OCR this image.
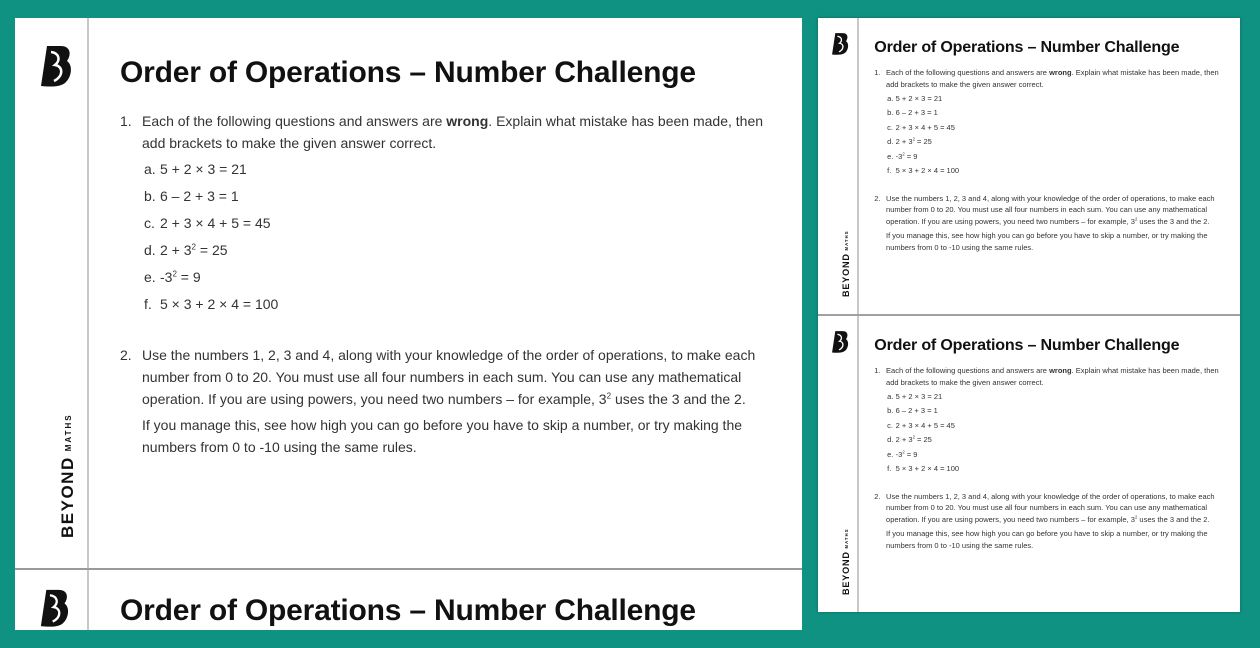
BEYONDMATHS
Order of Operations – Number Challenge
1. Each of the following questions and answers are wrong. Explain what mistake has been made, then add brackets to make the given answer correct.

a. 5 + 2 × 3 = 21
b. 6 – 2 + 3 = 1
c. 2 + 3 × 4 + 5 = 45
d. $2 + 3^2 = 25$
e. $-3^2 = 9$
f. 5 × 3 + 2 × 4 = 100
2. Use the numbers 1, 2, 3 and 4, along with your knowledge of the order of operations, to make each number from 0 to 20. You must use all four numbers in each sum. You can use any mathematical operation. If you are using powers, you need two numbers – for example, $3^2$ uses the 3 and the 2.

If you manage this, see how high you can go before you have to skip a number, or try making the numbers from 0 to -10 using the same rules.

Order of Operations – Number Challenge
BEYONDMATHS
Order of Operations – Number Challenge
1. Each of the following questions and answers are wrong. Explain what mistake has been made, then add brackets to make the given answer correct.

a. 5 + 2 × 3 = 21
b. 6 – 2 + 3 = 1
c. 2 + 3 × 4 + 5 = 45
d. $2 + 3^2 = 25$
e. $-3^2 = 9$
f. 5 × 3 + 2 × 4 = 100
2. Use the numbers 1, 2, 3 and 4, along with your knowledge of the order of operations, to make each number from 0 to 20. You must use all four numbers in each sum. You can use any mathematical operation. If you are using powers, you need two numbers – for example, $3^2$ uses the 3 and the 2.

If you manage this, see how high you can go before you have to skip a number, or try making the numbers from 0 to -10 using the same rules.

BEYONDMATHS
Order of Operations – Number Challenge
1. Each of the following questions and answers are wrong. Explain what mistake has been made, then add brackets to make the given answer correct.

a. 5 + 2 × 3 = 21
b. 6 – 2 + 3 = 1
c. 2 + 3 × 4 + 5 = 45
d. $2 + 3^2 = 25$
e. $-3^2 = 9$
f. 5 × 3 + 2 × 4 = 100
2. Use the numbers 1, 2, 3 and 4, along with your knowledge of the order of operations, to make each number from 0 to 20. You must use all four numbers in each sum. You can use any mathematical operation. If you are using powers, you need two numbers – for example, $3^2$ uses the 3 and the 2.

If you manage this, see how high you can go before you have to skip a number, or try making the numbers from 0 to -10 using the same rules.
